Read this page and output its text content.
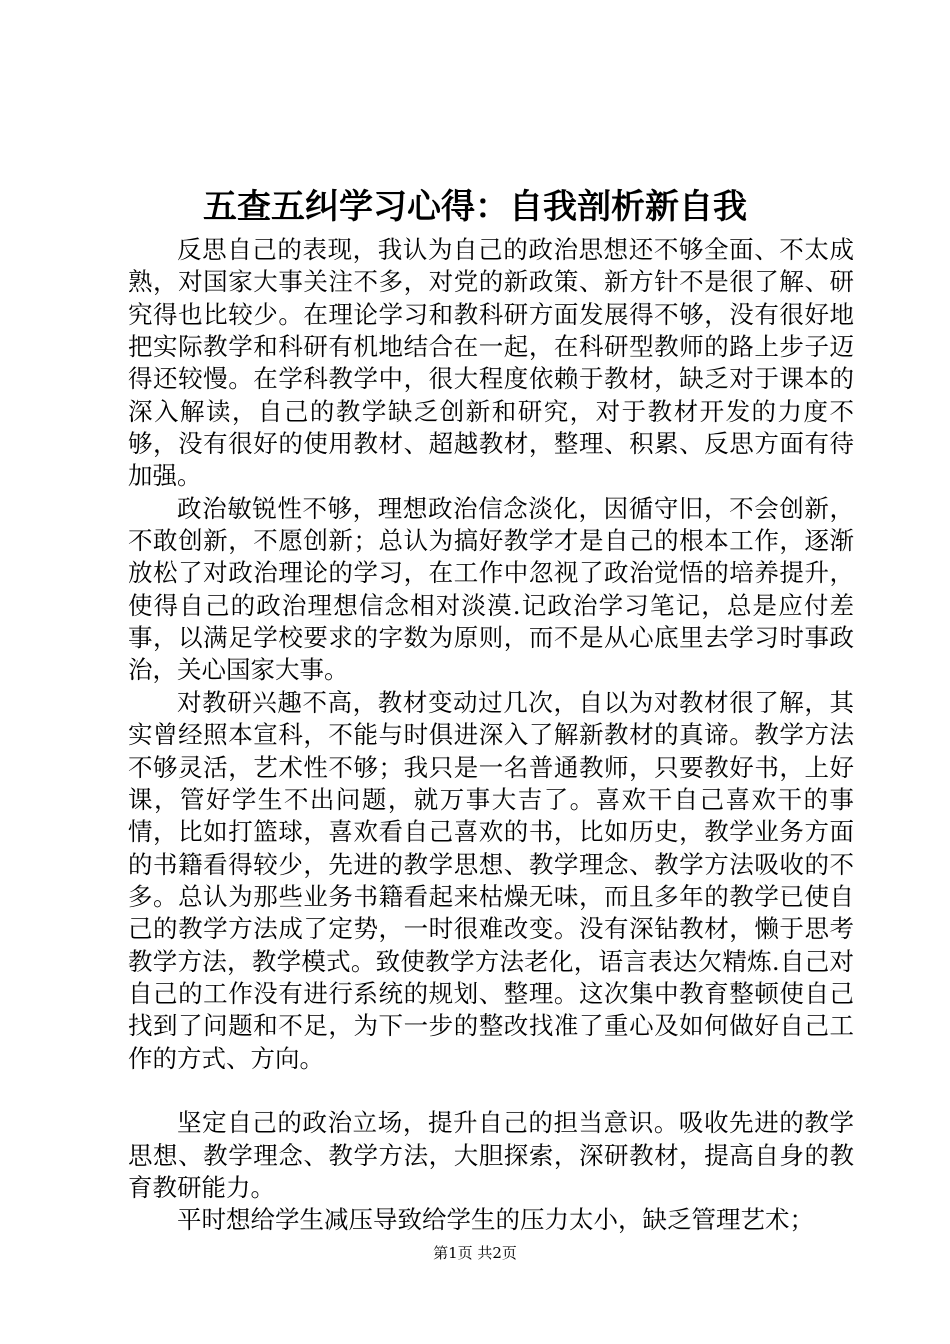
五查五纠学习心得：自我剖析新自我

反思自己的表现，我认为自己的政治思想还不够全面、不太成熟，对国家大事关注不多，对党的新政策、新方针不是很了解、研究得也比较少。在理论学习和教科研方面发展得不够，没有很好地把实际教学和科研有机地结合在一起，在科研型教师的路上步子迈得还较慢。在学科教学中，很大程度依赖于教材，缺乏对于课本的深入解读，自己的教学缺乏创新和研究，对于教材开发的力度不够，没有很好的使用教材、超越教材，整理、积累、反思方面有待加强。

政治敏锐性不够，理想政治信念淡化，因循守旧，不会创新，不敢创新，不愿创新；总认为搞好教学才是自己的根本工作，逐渐放松了对政治理论的学习，在工作中忽视了政治觉悟的培养提升，使得自己的政治理想信念相对淡漠.记政治学习笔记，总是应付差事，以满足学校要求的字数为原则，而不是从心底里去学习时事政治，关心国家大事。

对教研兴趣不高，教材变动过几次，自以为对教材很了解，其实曾经照本宣科，不能与时俱进深入了解新教材的真谛。教学方法不够灵活，艺术性不够；我只是一名普通教师，只要教好书，上好课，管好学生不出问题，就万事大吉了。喜欢干自己喜欢干的事情，比如打篮球，喜欢看自己喜欢的书，比如历史，教学业务方面的书籍看得较少，先进的教学思想、教学理念、教学方法吸收的不多。总认为那些业务书籍看起来枯燥无味，而且多年的教学已使自己的教学方法成了定势，一时很难改变。没有深钻教材，懒于思考教学方法，教学模式。致使教学方法老化，语言表达欠精炼.自己对自己的工作没有进行系统的规划、整理。这次集中教育整顿使自己找到了问题和不足，为下一步的整改找准了重心及如何做好自己工作的方式、方向。

坚定自己的政治立场，提升自己的担当意识。吸收先进的教学思想、教学理念、教学方法，大胆探索，深研教材，提高自身的教育教研能力。

平时想给学生减压导致给学生的压力太小，缺乏管理艺术；

第1页 共2页
